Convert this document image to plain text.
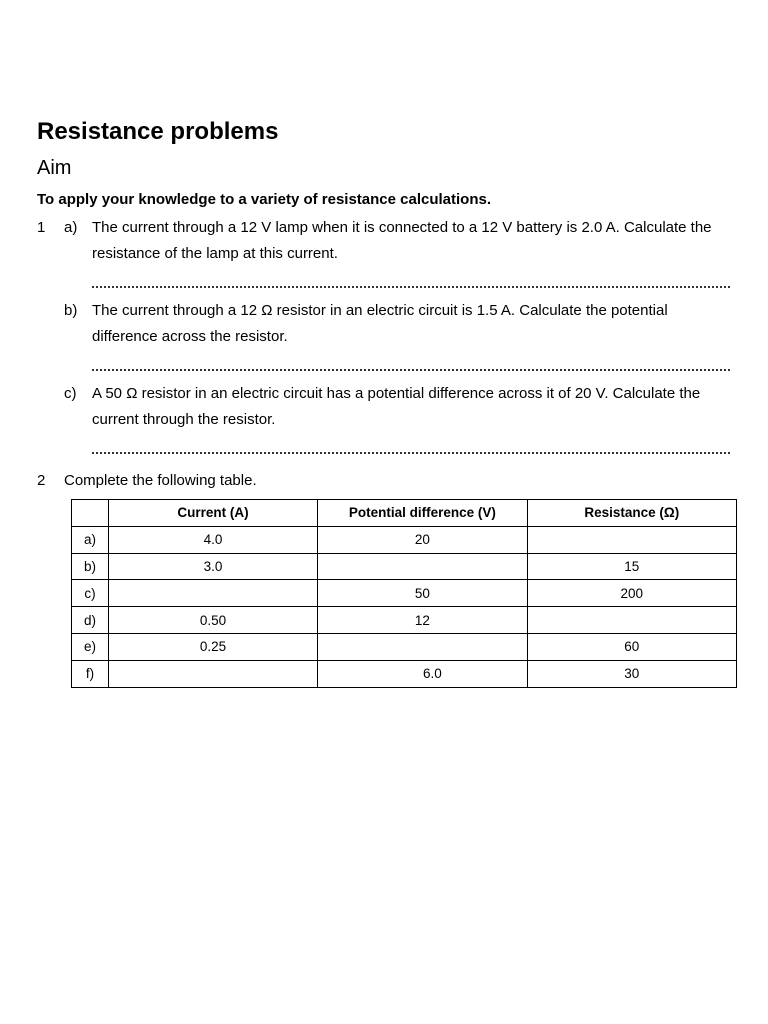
Resistance problems
Aim
To apply your knowledge to a variety of resistance calculations.
1 a) The current through a 12 V lamp when it is connected to a 12 V battery is 2.0 A. Calculate the resistance of the lamp at this current.
b) The current through a 12 Ω resistor in an electric circuit is 1.5 A. Calculate the potential difference across the resistor.
c) A 50 Ω resistor in an electric circuit has a potential difference across it of 20 V. Calculate the current through the resistor.
2 Complete the following table.
	Current (A)	Potential difference (V)	Resistance (Ω)
a)	4.0	20	
b)	3.0		15
c)		50	200
d)	0.50	12	
e)	0.25		60
f)		6.0	30
